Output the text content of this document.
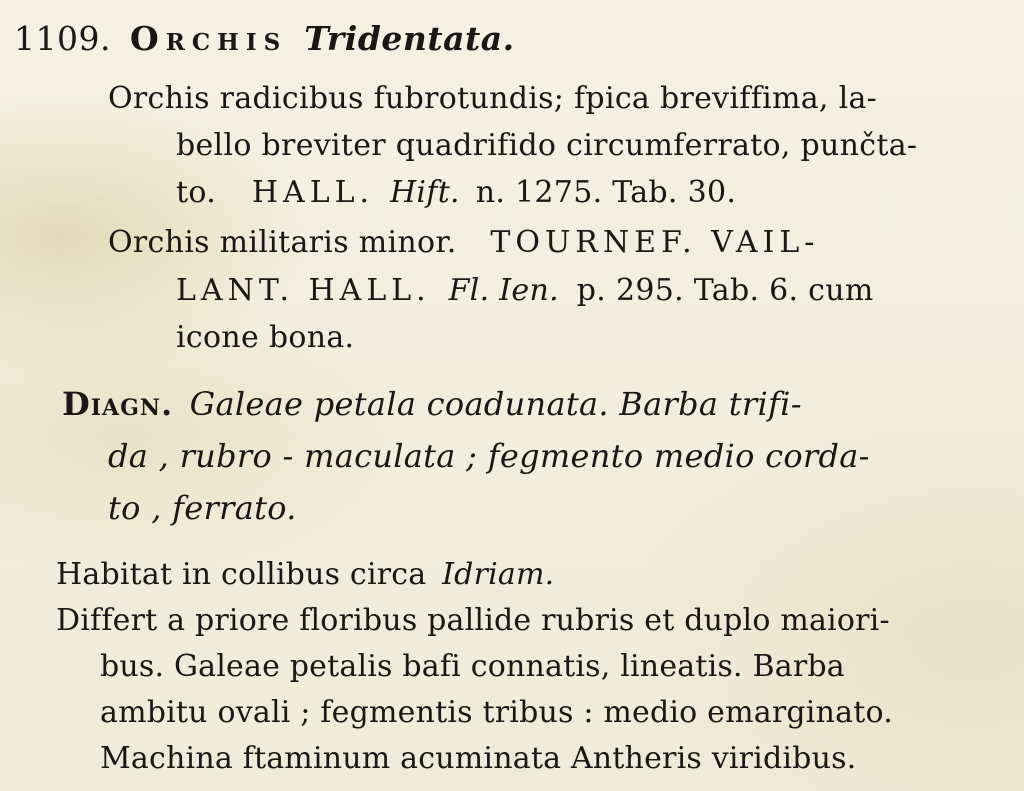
1109. Orchis Tridentata.
Orchis radicibus fubrotundis; fpica breviffima, la-
bello breviter quadrifido circumferrato, punčta-
to. HALL. Hift. n. 1275. Tab. 30.
Orchis militaris minor. TOURNEF. VAIL-
LANT. HALL. Fl. Ien. p. 295. Tab. 6. cum
icone bona.
Diagn. Galeae petala coadunata. Barba trifi-
da , rubro - maculata ; fegmento medio corda-
to , ferrato.
Habitat in collibus circa Idriam.
Differt a priore floribus pallide rubris et duplo maiori-
bus. Galeae petalis bafi connatis, lineatis. Barba
ambitu ovali ; fegmentis tribus : medio emarginato.
Machina ftaminum acuminata Antheris viridibus.
